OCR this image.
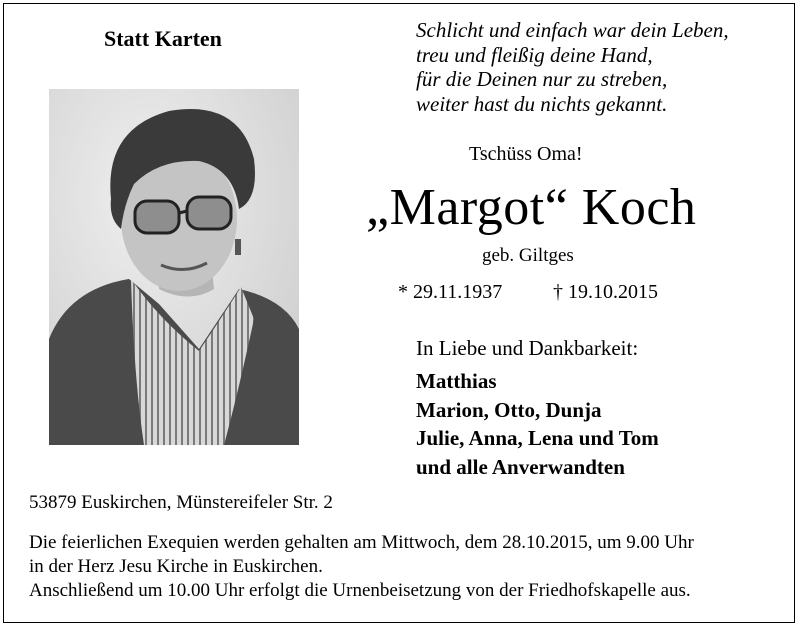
Statt Karten	Schlicht und einfach war dein Leben,
treu und fleißig deine Hand,
für die Deinen nur zu streben,
weiter hast du nichts gekannt.
Tschüss Oma!
„Margot“ Koch
geb. Giltges
* 29.11.1937	† 19.10.2015
In Liebe und Dankbarkeit:
Matthias
Marion, Otto, Dunja
Julie, Anna, Lena und Tom
und alle Anverwandten
53879 Euskirchen, Münstereifeler Str. 2
Die feierlichen Exequien werden gehalten am Mittwoch, dem 28.10.2015, um 9.00 Uhr
in der Herz Jesu Kirche in Euskirchen.
Anschließend um 10.00 Uhr erfolgt die Urnenbeisetzung von der Friedhofskapelle aus.
